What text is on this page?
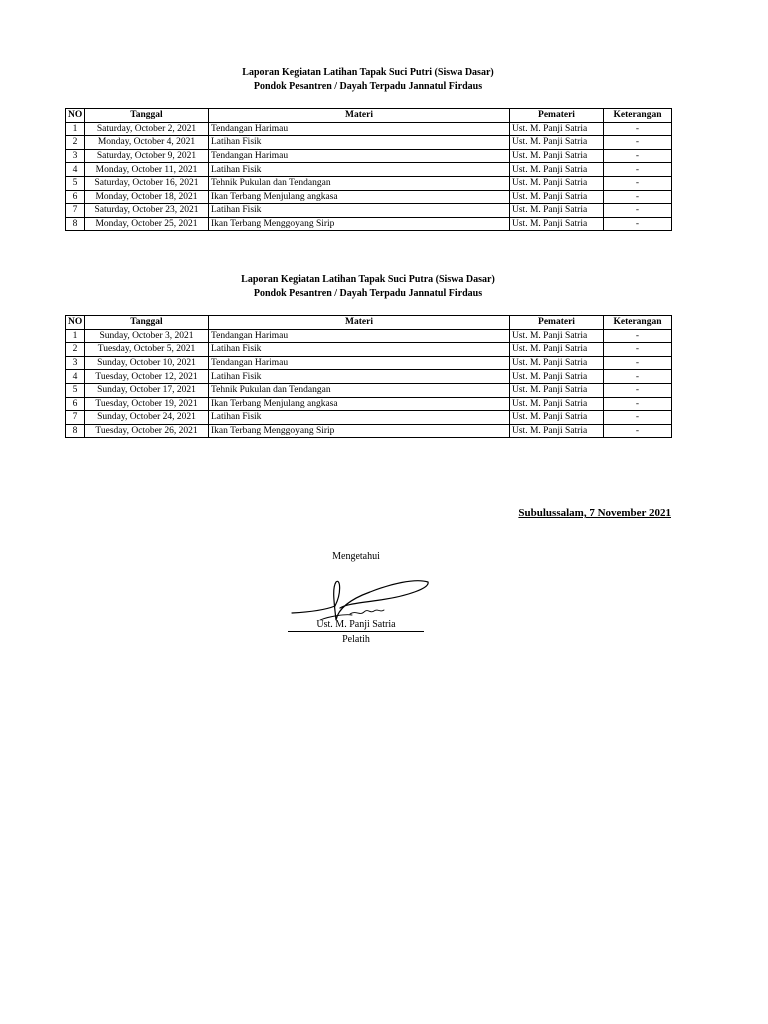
Laporan Kegiatan Latihan Tapak Suci Putri (Siswa Dasar)
Pondok Pesantren / Dayah Terpadu Jannatul Firdaus
NO	Tanggal	Materi	Pemateri	Keterangan
1	Saturday, October 2, 2021	Tendangan Harimau	Ust. M. Panji Satria	-
2	Monday, October 4, 2021	Latihan Fisik	Ust. M. Panji Satria	-
3	Saturday, October 9, 2021	Tendangan Harimau	Ust. M. Panji Satria	-
4	Monday, October 11, 2021	Latihan Fisik	Ust. M. Panji Satria	-
5	Saturday, October 16, 2021	Tehnik Pukulan dan Tendangan	Ust. M. Panji Satria	-
6	Monday, October 18, 2021	Ikan Terbang Menjulang angkasa	Ust. M. Panji Satria	-
7	Saturday, October 23, 2021	Latihan Fisik	Ust. M. Panji Satria	-
8	Monday, October 25, 2021	Ikan Terbang Menggoyang Sirip	Ust. M. Panji Satria	-
Laporan Kegiatan Latihan Tapak Suci Putra (Siswa Dasar)
Pondok Pesantren / Dayah Terpadu Jannatul Firdaus
NO	Tanggal	Materi	Pemateri	Keterangan
1	Sunday, October 3, 2021	Tendangan Harimau	Ust. M. Panji Satria	-
2	Tuesday, October 5, 2021	Latihan Fisik	Ust. M. Panji Satria	-
3	Sunday, October 10, 2021	Tendangan Harimau	Ust. M. Panji Satria	-
4	Tuesday, October 12, 2021	Latihan Fisik	Ust. M. Panji Satria	-
5	Sunday, October 17, 2021	Tehnik Pukulan dan Tendangan	Ust. M. Panji Satria	-
6	Tuesday, October 19, 2021	Ikan Terbang Menjulang angkasa	Ust. M. Panji Satria	-
7	Sunday, October 24, 2021	Latihan Fisik	Ust. M. Panji Satria	-
8	Tuesday, October 26, 2021	Ikan Terbang Menggoyang Sirip	Ust. M. Panji Satria	-
Subulussalam, 7 November 2021
Mengetahui
Ust. M. Panji Satria
Pelatih
